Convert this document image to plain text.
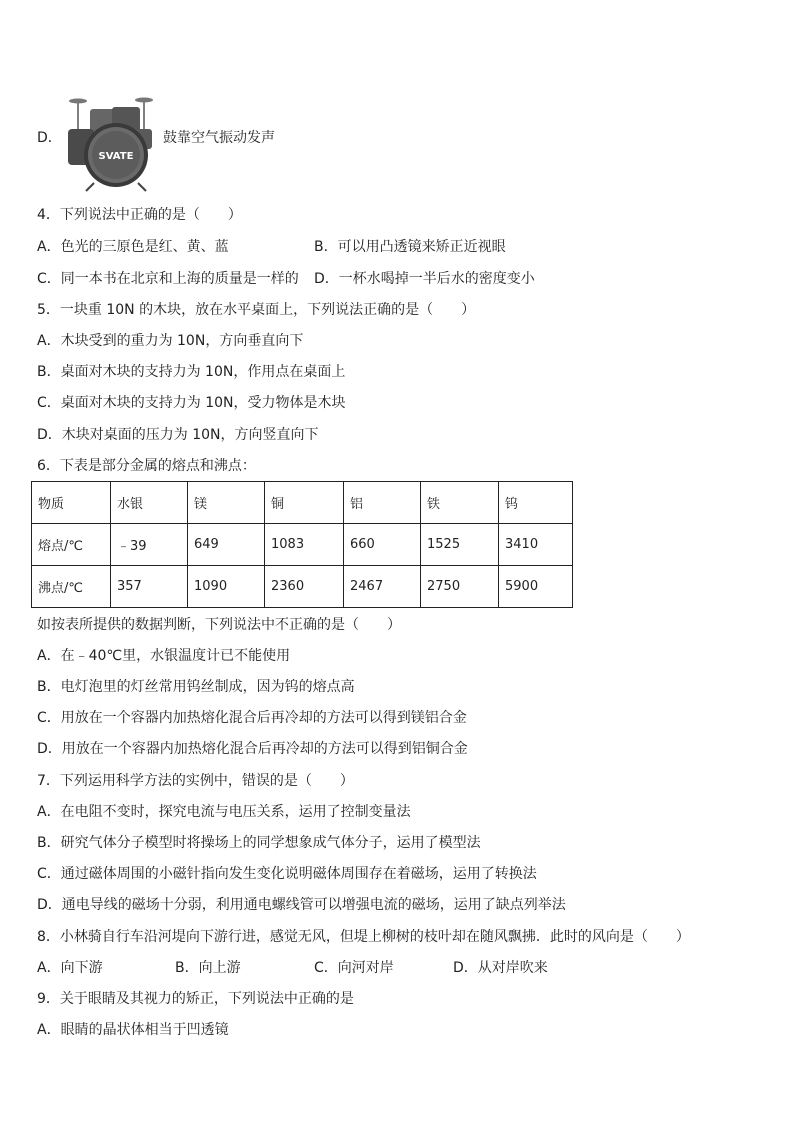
D．
SVATE
鼓靠空气振动发声
4．下列说法中正确的是（　　）
A．色光的三原色是红、黄、蓝	B．可以用凸透镜来矫正近视眼
C．同一本书在北京和上海的质量是一样的 D．一杯水喝掉一半后水的密度变小
5．一块重 10N 的木块，放在水平桌面上，下列说法正确的是（　　）
A．木块受到的重力为 10N，方向垂直向下
B．桌面对木块的支持力为 10N，作用点在桌面上
C．桌面对木块的支持力为 10N，受力物体是木块
D．木块对桌面的压力为 10N，方向竖直向下
6．下表是部分金属的熔点和沸点：
物质	水银	镁	铜	铝	铁	钨
熔点/℃	﹣39	649	1083	660	1525	3410
沸点/℃	357	1090	2360	2467	2750	5900
如按表所提供的数据判断，下列说法中不正确的是（　　）
A．在﹣40℃里，水银温度计已不能使用
B．电灯泡里的灯丝常用钨丝制成，因为钨的熔点高
C．用放在一个容器内加热熔化混合后再冷却的方法可以得到镁铝合金
D．用放在一个容器内加热熔化混合后再冷却的方法可以得到铝铜合金
7．下列运用科学方法的实例中，错误的是（　　）
A．在电阻不变时，探究电流与电压关系，运用了控制变量法
B．研究气体分子模型时将操场上的同学想象成气体分子，运用了模型法
C．通过磁体周围的小磁针指向发生变化说明磁体周围存在着磁场，运用了转换法
D．通电导线的磁场十分弱，利用通电螺线管可以增强电流的磁场，运用了缺点列举法
8．小林骑自行车沿河堤向下游行进，感觉无风，但堤上柳树的枝叶却在随风飘拂．此时的风向是（　　）
A．向下游	B．向上游	C．向河对岸	D．从对岸吹来
9．关于眼睛及其视力的矫正，下列说法中正确的是
A．眼睛的晶状体相当于凹透镜
